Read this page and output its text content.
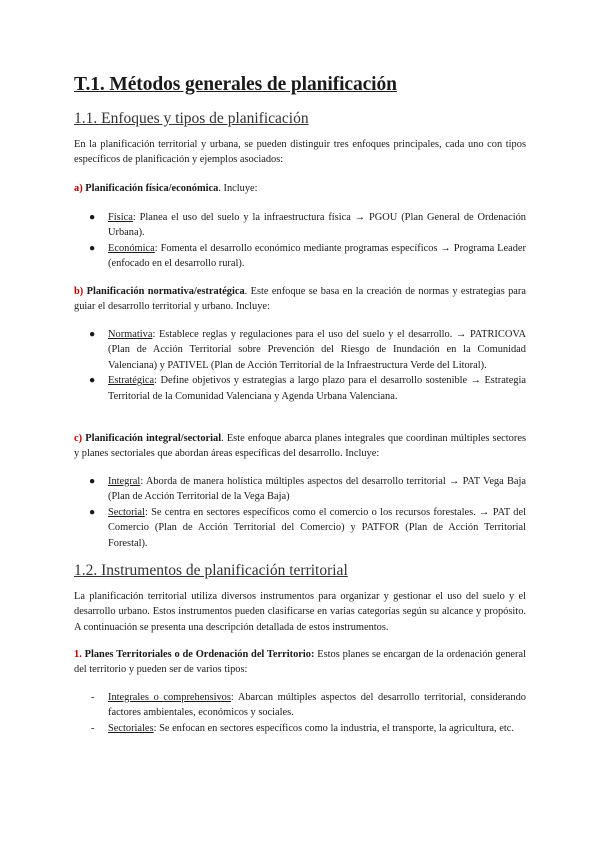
T.1. Métodos generales de planificación
1.1. Enfoques y tipos de planificación

En la planificación territorial y urbana, se pueden distinguir tres enfoques principales, cada uno con tipos específicos de planificación y ejemplos asociados:

a) Planificación física/económica. Incluye:

● Física: Planea el uso del suelo y la infraestructura física → PGOU (Plan General de Ordenación Urbana).
● Económica: Fomenta el desarrollo económico mediante programas específicos → Programa Leader (enfocado en el desarrollo rural).

b) Planificación normativa/estratégica. Este enfoque se basa en la creación de normas y estrategias para guiar el desarrollo territorial y urbano. Incluye:

● Normativa: Establece reglas y regulaciones para el uso del suelo y el desarrollo. → PATRICOVA (Plan de Acción Territorial sobre Prevención del Riesgo de Inundación en la Comunidad Valenciana) y PATIVEL (Plan de Acción Territorial de la Infraestructura Verde del Litoral).
● Estratégica: Define objetivos y estrategias a largo plazo para el desarrollo sostenible → Estrategia Territorial de la Comunidad Valenciana y Agenda Urbana Valenciana.

c) Planificación integral/sectorial. Este enfoque abarca planes integrales que coordinan múltiples sectores y planes sectoriales que abordan áreas específicas del desarrollo. Incluye:

● Integral: Aborda de manera holística múltiples aspectos del desarrollo territorial → PAT Vega Baja (Plan de Acción Territorial de la Vega Baja)
● Sectorial: Se centra en sectores específicos como el comercio o los recursos forestales. → PAT del Comercio (Plan de Acción Territorial del Comercio) y PATFOR (Plan de Acción Territorial Forestal).
1.2. Instrumentos de planificación territorial

La planificación territorial utiliza diversos instrumentos para organizar y gestionar el uso del suelo y el desarrollo urbano. Estos instrumentos pueden clasificarse en varias categorías según su alcance y propósito. A continuación se presenta una descripción detallada de estos instrumentos.

1. Planes Territoriales o de Ordenación del Territorio: Estos planes se encargan de la ordenación general del territorio y pueden ser de varios tipos:

- Integrales o comprehensivos: Abarcan múltiples aspectos del desarrollo territorial, considerando factores ambientales, económicos y sociales.
- Sectoriales: Se enfocan en sectores específicos como la industria, el transporte, la agricultura, etc.
